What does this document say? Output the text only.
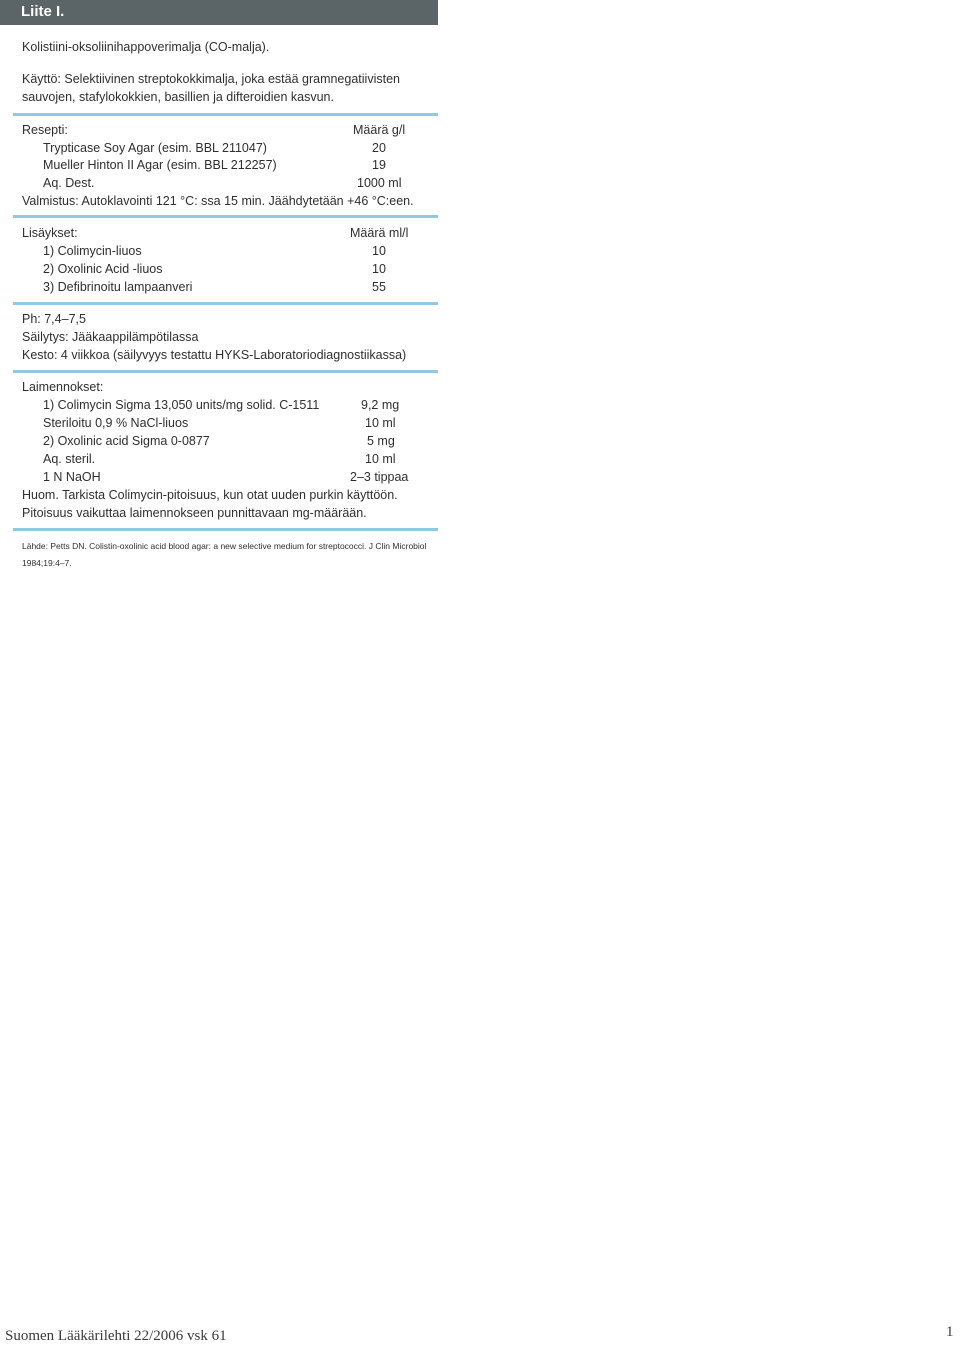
Liite I.
Kolistiini-oksoliinihappoverimalja (CO-malja).
Käyttö: Selektiivinen streptokokkimalja, joka estää gramnegatiivisten
sauvojen, stafylokokkien, basillien ja difteroidien kasvun.
Resepti:	Määrä g/l
Trypticase Soy Agar (esim. BBL 211047)	20
Mueller Hinton II Agar (esim. BBL 212257)	19
Aq. Dest.	1000 ml
Valmistus: Autoklavointi 121 °C: ssa 15 min. Jäähdytetään +46 °C:een.
Lisäykset:	Määrä ml/l
1) Colimycin-liuos	10
2) Oxolinic Acid -liuos	10
3) Defibrinoitu lampaanveri	55
Ph: 7,4–7,5
Säilytys: Jääkaappilämpötilassa
Kesto: 4 viikkoa (säilyvyys testattu HYKS-Laboratoriodiagnostiikassa)
Laimennokset:
1) Colimycin Sigma 13,050 units/mg solid. C-1511	9,2 mg
Steriloitu 0,9 % NaCl-liuos	10 ml
2) Oxolinic acid Sigma 0-0877	5 mg
Aq. steril.	10 ml
1 N NaOH	2–3 tippaa
Huom. Tarkista Colimycin-pitoisuus, kun otat uuden purkin käyttöön.
Pitoisuus vaikuttaa laimennokseen punnittavaan mg-määrään.
Lähde: Petts DN. Colistin-oxolinic acid blood agar: a new selective medium for streptococci. J Clin Microbiol
1984;19:4–7.
Suomen Lääkärilehti 22/2006 vsk 61	1
